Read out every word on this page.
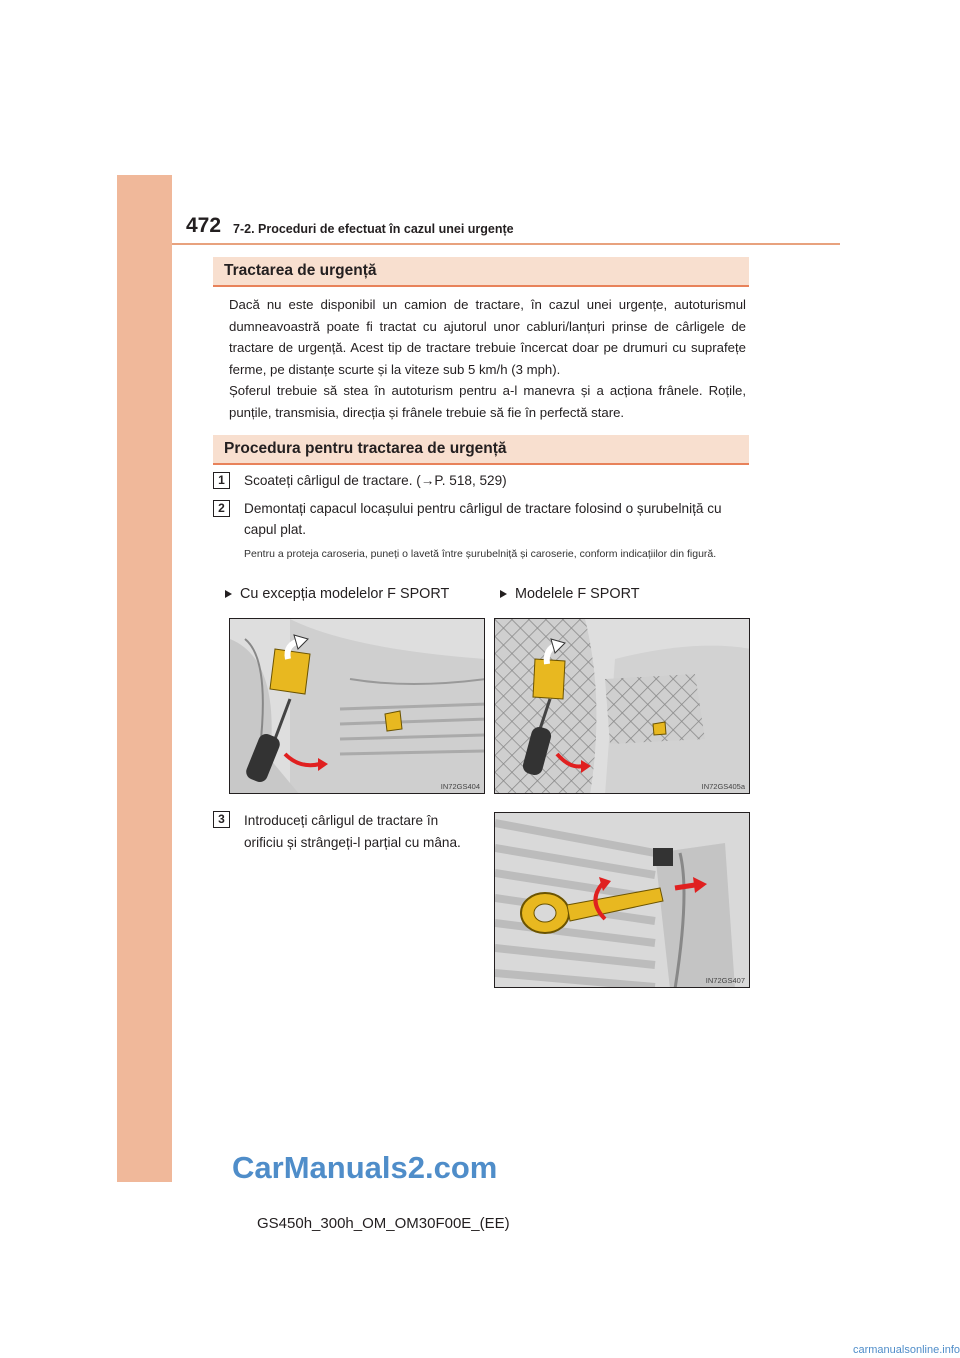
472 7-2. Proceduri de efectuat în cazul unei urgențe
Tractarea de urgență
Dacă nu este disponibil un camion de tractare, în cazul unei urgențe, autoturismul dumneavoastră poate fi tractat cu ajutorul unor cabluri/lanțuri prinse de cârligele de tractare de urgență. Acest tip de tractare trebuie încercat doar pe drumuri cu suprafețe ferme, pe distanțe scurte și la viteze sub 5 km/h (3 mph).
Șoferul trebuie să stea în autoturism pentru a-l manevra și a acționa frânele. Roțile, punțile, transmisia, direcția și frânele trebuie să fie în perfectă stare.
Procedura pentru tractarea de urgență
1	Scoateți cârligul de tractare. (→P. 518, 529)
2	Demontați capacul locașului pentru cârligul de tractare folosind o șurubelniță cu
capul plat.
Pentru a proteja caroseria, puneți o lavetă între șurubelniță și caroserie, conform indicațiilor din figură.
Cu excepția modelelor F SPORT	Modelele F SPORT
IN72GS404	IN72GS405a
3	Introduceți cârligul de tractare în
orificiu și strângeți-l parțial cu mâna.
IN72GS407
CarManuals2.com
GS450h_300h_OM_OM30F00E_(EE)
carmanualsonline.info
